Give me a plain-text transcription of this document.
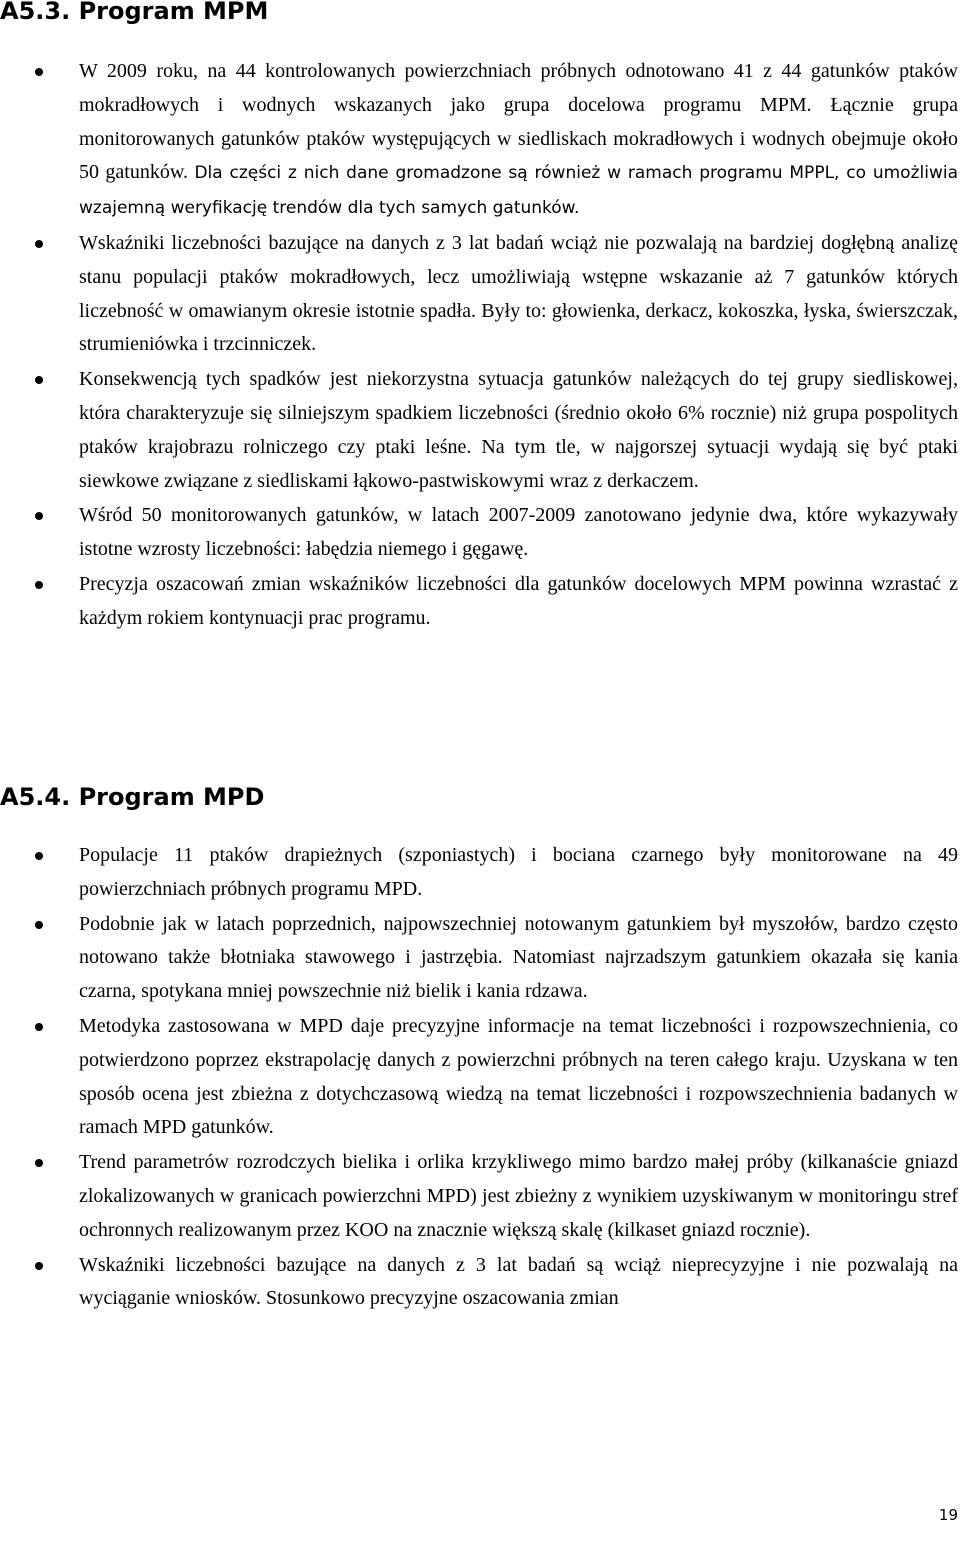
A5.3. Program MPM
W 2009 roku, na 44 kontrolowanych powierzchniach próbnych odnotowano 41 z 44 gatunków ptaków mokradłowych i wodnych wskazanych jako grupa docelowa programu MPM. Łącznie grupa monitorowanych gatunków ptaków występujących w siedliskach mokradłowych i wodnych obejmuje około 50 gatunków. Dla części z nich dane gromadzone są również w ramach programu MPPL, co umożliwia wzajemną weryfikację trendów dla tych samych gatunków.
Wskaźniki liczebności bazujące na danych z 3 lat badań wciąż nie pozwalają na bardziej dogłębną analizę stanu populacji ptaków mokradłowych, lecz umożliwiają wstępne wskazanie aż 7 gatunków których liczebność w omawianym okresie istotnie spadła. Były to: głowienka, derkacz, kokoszka, łyska, świerszczak, strumieniówka i trzcinniczek.
Konsekwencją tych spadków jest niekorzystna sytuacja gatunków należących do tej grupy siedliskowej, która charakteryzuje się silniejszym spadkiem liczebności (średnio około 6% rocznie) niż grupa pospolitych ptaków krajobrazu rolniczego czy ptaki leśne. Na tym tle, w najgorszej sytuacji wydają się być ptaki siewkowe związane z siedliskami łąkowo-pastwiskowymi wraz z derkaczem.
Wśród 50 monitorowanych gatunków, w latach 2007-2009 zanotowano jedynie dwa, które wykazywały istotne wzrosty liczebności: łabędzia niemego i gęgawę.
Precyzja oszacowań zmian wskaźników liczebności dla gatunków docelowych MPM powinna wzrastać z każdym rokiem kontynuacji prac programu.
A5.4. Program MPD
Populacje 11 ptaków drapieżnych (szponiastych) i bociana czarnego były monitorowane na 49 powierzchniach próbnych programu MPD.
Podobnie jak w latach poprzednich, najpowszechniej notowanym gatunkiem był myszołów, bardzo często notowano także błotniaka stawowego i jastrzębia. Natomiast najrzadszym gatunkiem okazała się kania czarna, spotykana mniej powszechnie niż bielik i kania rdzawa.
Metodyka zastosowana w MPD daje precyzyjne informacje na temat liczebności i rozpowszechnienia, co potwierdzono poprzez ekstrapolację danych z powierzchni próbnych na teren całego kraju. Uzyskana w ten sposób ocena jest zbieżna z dotychczasową wiedzą na temat liczebności i rozpowszechnienia badanych w ramach MPD gatunków.
Trend parametrów rozrodczych bielika i orlika krzykliwego mimo bardzo małej próby (kilkanaście gniazd zlokalizowanych w granicach powierzchni MPD) jest zbieżny z wynikiem uzyskiwanym w monitoringu stref ochronnych realizowanym przez KOO na znacznie większą skalę (kilkaset gniazd rocznie).
Wskaźniki liczebności bazujące na danych z 3 lat badań są wciąż nieprecyzyjne i nie pozwalają na wyciąganie wniosków. Stosunkowo precyzyjne oszacowania zmian
19
